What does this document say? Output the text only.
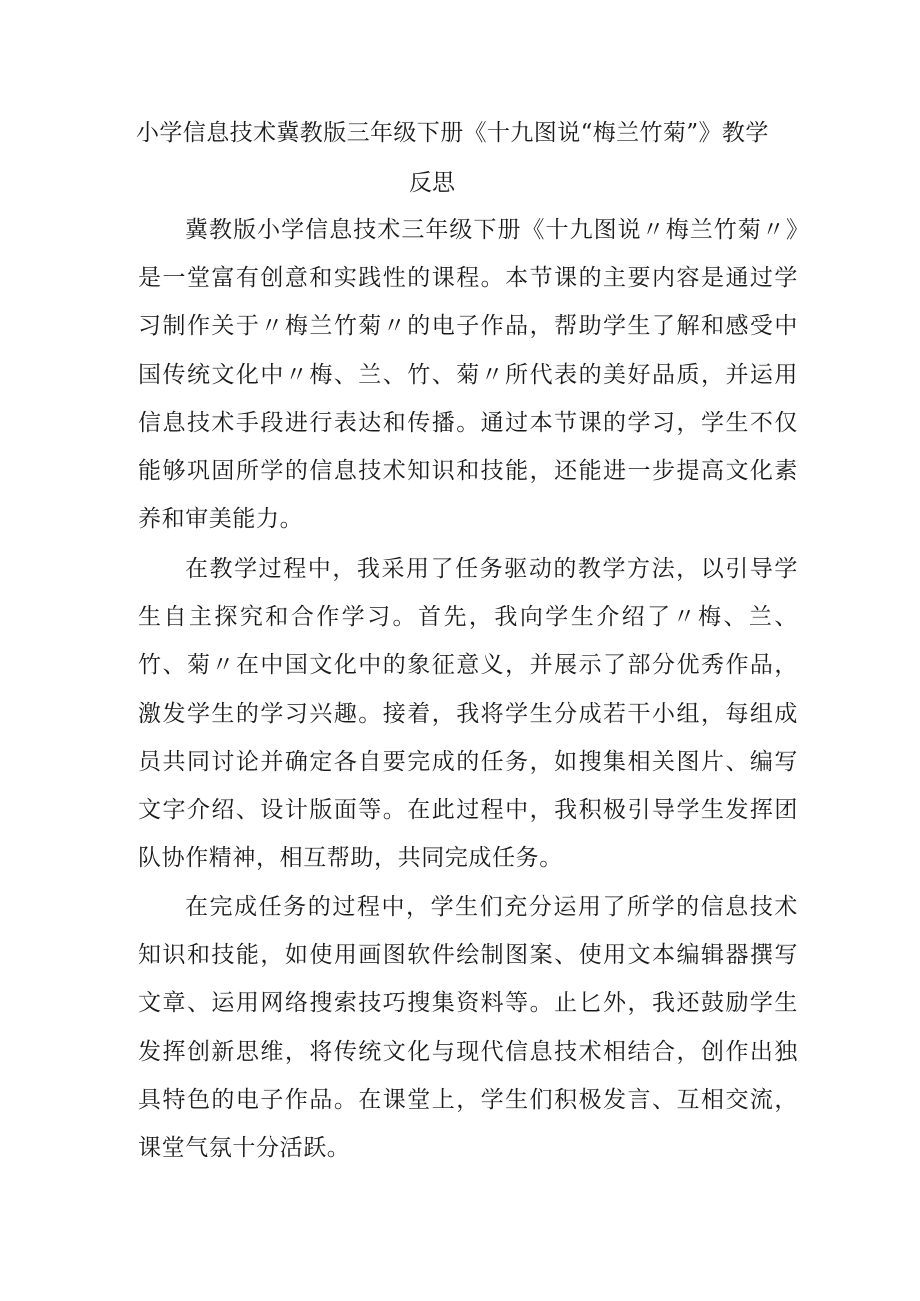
小学信息技术冀教版三年级下册《十九图说“梅兰竹菊”》教学
反思

冀教版小学信息技术三年级下册《十九图说〃梅兰竹菊〃》是一堂富有创意和实践性的课程。本节课的主要内容是通过学习制作关于〃梅兰竹菊〃的电子作品，帮助学生了解和感受中国传统文化中〃梅、兰、竹、菊〃所代表的美好品质，并运用信息技术手段进行表达和传播。通过本节课的学习，学生不仅能够巩固所学的信息技术知识和技能，还能进一步提高文化素养和审美能力。

在教学过程中，我采用了任务驱动的教学方法，以引导学生自主探究和合作学习。首先，我向学生介绍了〃梅、兰、竹、菊〃在中国文化中的象征意义，并展示了部分优秀作品，激发学生的学习兴趣。接着，我将学生分成若干小组，每组成员共同讨论并确定各自要完成的任务，如搜集相关图片、编写文字介绍、设计版面等。在此过程中，我积极引导学生发挥团队协作精神，相互帮助，共同完成任务。

在完成任务的过程中，学生们充分运用了所学的信息技术知识和技能，如使用画图软件绘制图案、使用文本编辑器撰写文章、运用网络搜索技巧搜集资料等。止匕外，我还鼓励学生发挥创新思维，将传统文化与现代信息技术相结合，创作出独具特色的电子作品。在课堂上，学生们积极发言、互相交流，课堂气氛十分活跃。
